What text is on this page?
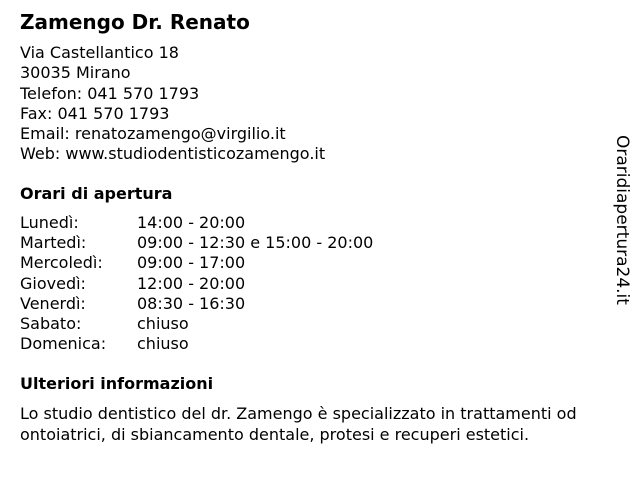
Zamengo Dr. Renato
Via Castellantico 18
30035 Mirano
Telefon: 041 570 1793
Fax: 041 570 1793
Email: renatozamengo@virgilio.it
Web: www.studiodentisticozamengo.it
Orari di apertura
Lunedì:	14:00 - 20:00
Martedì:	09:00 - 12:30 e 15:00 - 20:00
Mercoledì:	09:00 - 17:00
Giovedì:	12:00 - 20:00
Venerdì:	08:30 - 16:30
Sabato:	chiuso
Domenica:	chiuso
Ulteriori informazioni

Lo studio dentistico del dr. Zamengo è specializzato in trattamenti od ontoiatrici, di sbiancamento dentale, protesi e recuperi estetici.

Oraridiapertura24.it
